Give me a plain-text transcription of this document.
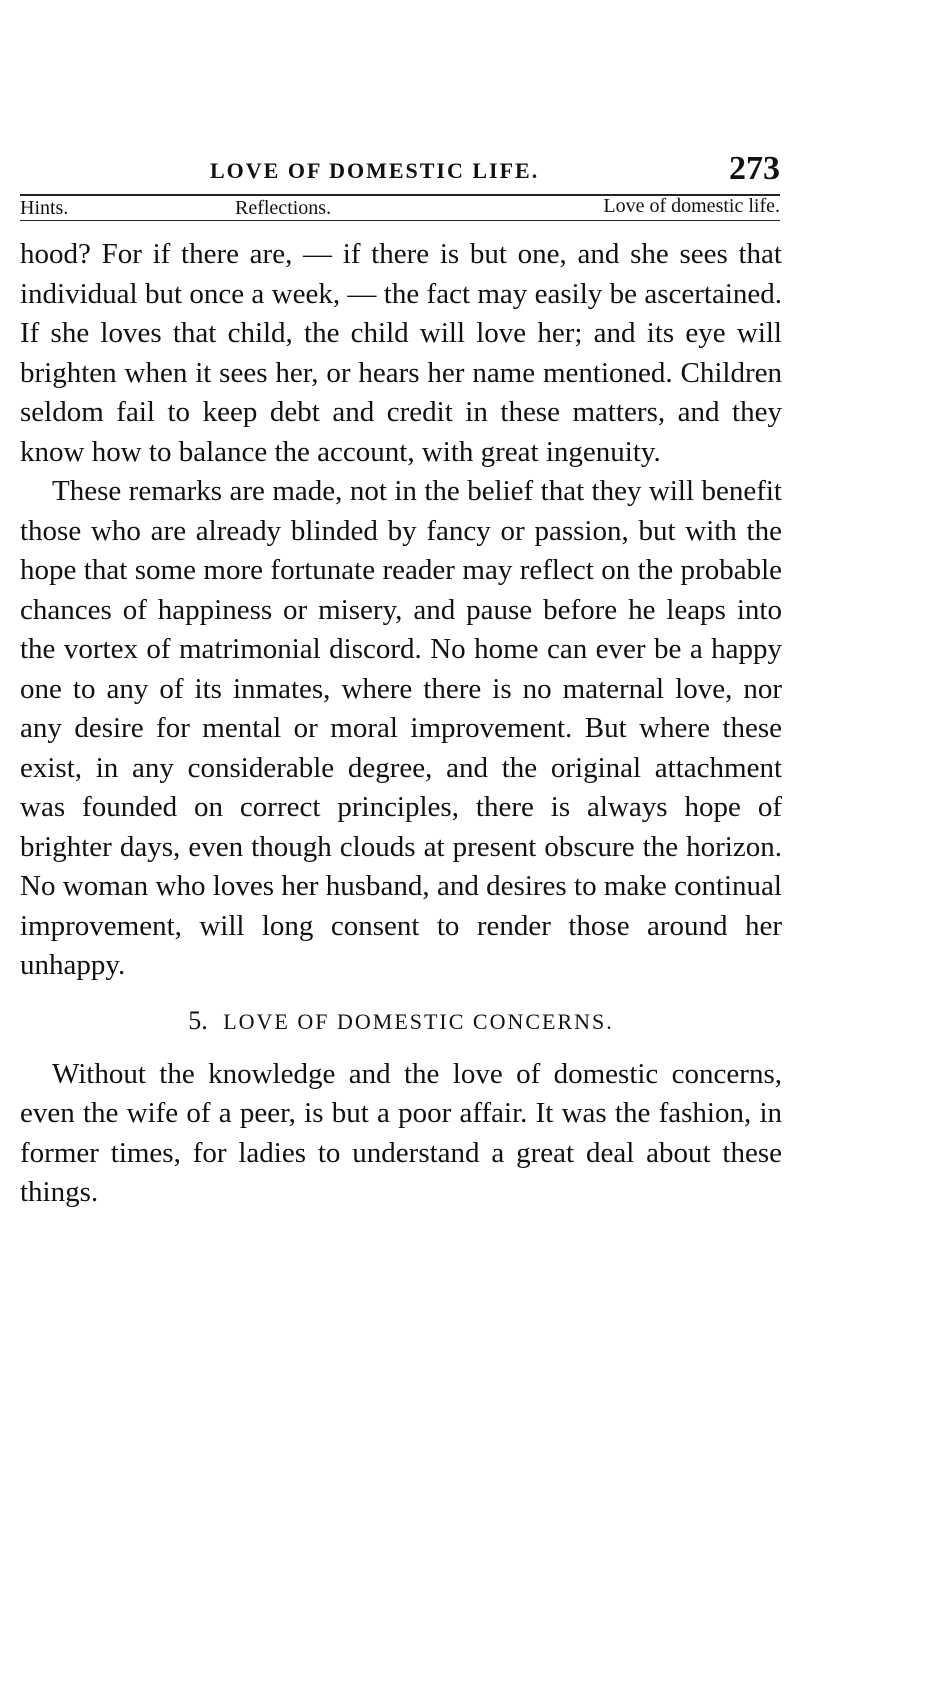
LOVE OF DOMESTIC LIFE.	273
Hints.	Reflections.	Love of domestic life.

hood? For if there are, — if there is but one, and she sees that individual but once a week, — the fact may easily be ascertained. If she loves that child, the child will love her; and its eye will brighten when it sees her, or hears her name mentioned. Children seldom fail to keep debt and credit in these matters, and they know how to balance the account, with great ingenuity.

These remarks are made, not in the belief that they will benefit those who are already blinded by fancy or passion, but with the hope that some more fortunate reader may reflect on the probable chances of happiness or misery, and pause before he leaps into the vortex of matrimonial discord. No home can ever be a happy one to any of its inmates, where there is no maternal love, nor any desire for mental or moral improvement. But where these exist, in any considerable degree, and the original attachment was founded on correct principles, there is always hope of brighter days, even though clouds at present obscure the horizon. No woman who loves her husband, and desires to make continual improvement, will long consent to render those around her unhappy.

5. LOVE OF DOMESTIC CONCERNS.

Without the knowledge and the love of domestic concerns, even the wife of a peer, is but a poor affair. It was the fashion, in former times, for ladies to understand a great deal about these things.
